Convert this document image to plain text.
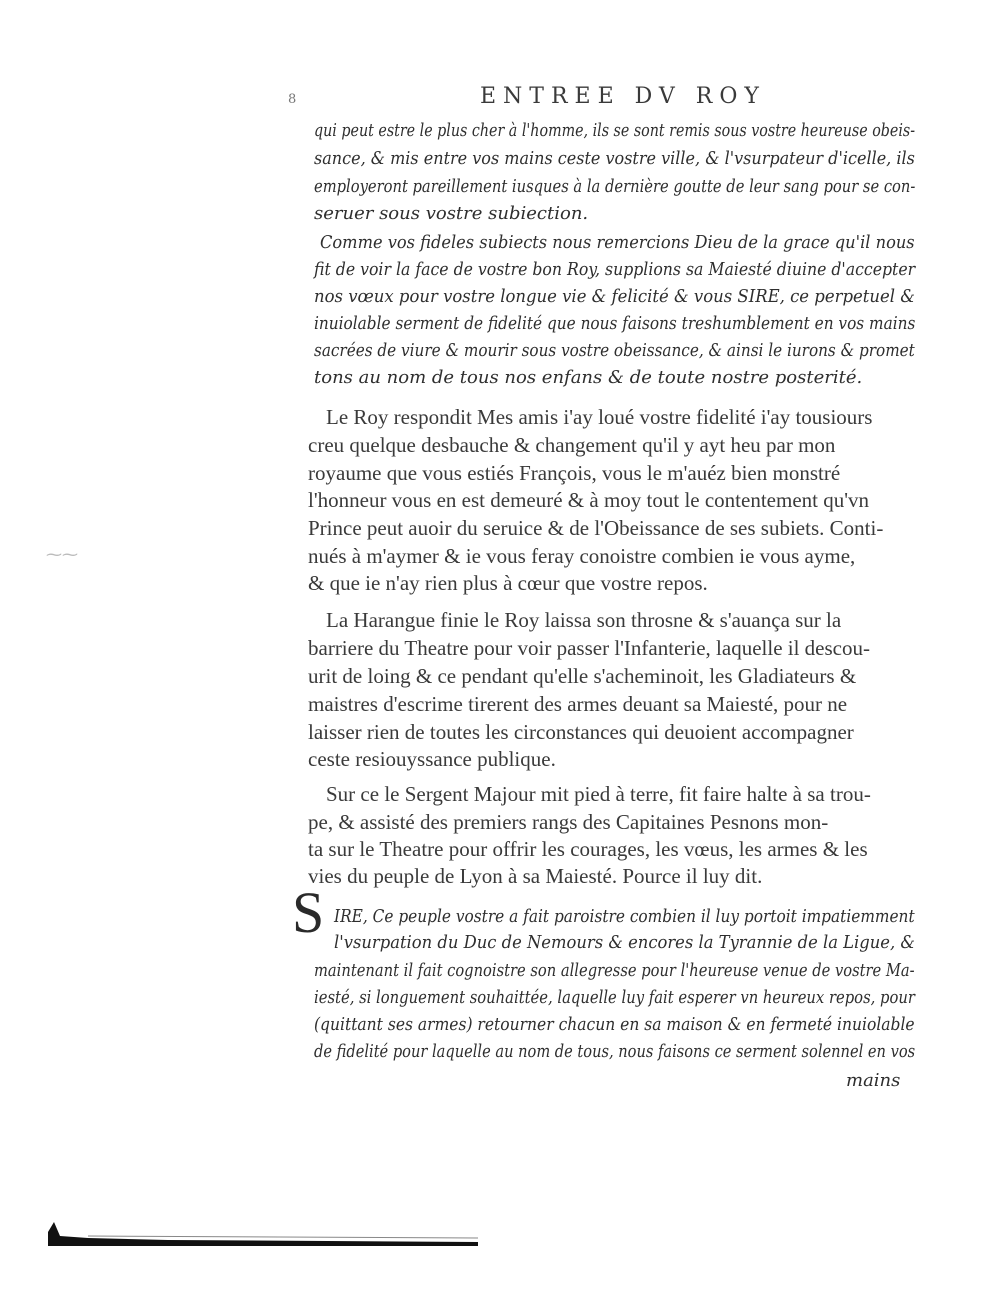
8	ENTREE DV ROY
⁓⁓
qui peut estre le plus cher à l'homme, ils se sont remis sous vostre heureuse obeis-
sance, & mis entre vos mains ceste vostre ville, & l'vsurpateur d'icelle, ils
employeront pareillement iusques à la dernière goutte de leur sang pour se con-
seruer sous vostre subiection.
Comme vos fideles subiects nous remercions Dieu de la grace qu'il nous
fit de voir la face de vostre bon Roy, supplions sa Maiesté diuine d'accepter
nos vœux pour vostre longue vie & felicité & vous SIRE, ce perpetuel &
inuiolable serment de fidelité que nous faisons treshumblement en vos mains
sacrées de viure & mourir sous vostre obeissance, & ainsi le iurons & promet
tons au nom de tous nos enfans & de toute nostre posterité.
Le Roy respondit Mes amis i'ay loué vostre fidelité i'ay tousiours
creu quelque desbauche & changement qu'il y ayt heu par mon
royaume que vous estiés François, vous le m'auéz bien monstré
l'honneur vous en est demeuré & à moy tout le contentement qu'vn
Prince peut auoir du seruice & de l'Obeissance de ses subiets. Conti-
nués à m'aymer & ie vous feray conoistre combien ie vous ayme,
& que ie n'ay rien plus à cœur que vostre repos.
La Harangue finie le Roy laissa son throsne & s'auança sur la
barriere du Theatre pour voir passer l'Infanterie, laquelle il descou-
urit de loing & ce pendant qu'elle s'acheminoit, les Gladiateurs &
maistres d'escrime tirerent des armes deuant sa Maiesté, pour ne
laisser rien de toutes les circonstances qui deuoient accompagner
ceste resiouyssance publique.
Sur ce le Sergent Majour mit pied à terre, fit faire halte à sa trou-
pe, & assisté des premiers rangs des Capitaines Pesnons mon-
ta sur le Theatre pour offrir les courages, les vœus, les armes & les
vies du peuple de Lyon à sa Maiesté. Pource il luy dit.
S IRE, Ce peuple vostre a fait paroistre combien il luy portoit impatiemment
l'vsurpation du Duc de Nemours & encores la Tyrannie de la Ligue, &
maintenant il fait cognoistre son allegresse pour l'heureuse venue de vostre Ma-
iesté, si longuement souhaittée, laquelle luy fait esperer vn heureux repos, pour
(quittant ses armes) retourner chacun en sa maison & en fermeté inuiolable
de fidelité pour laquelle au nom de tous, nous faisons ce serment solennel en vos
mains
